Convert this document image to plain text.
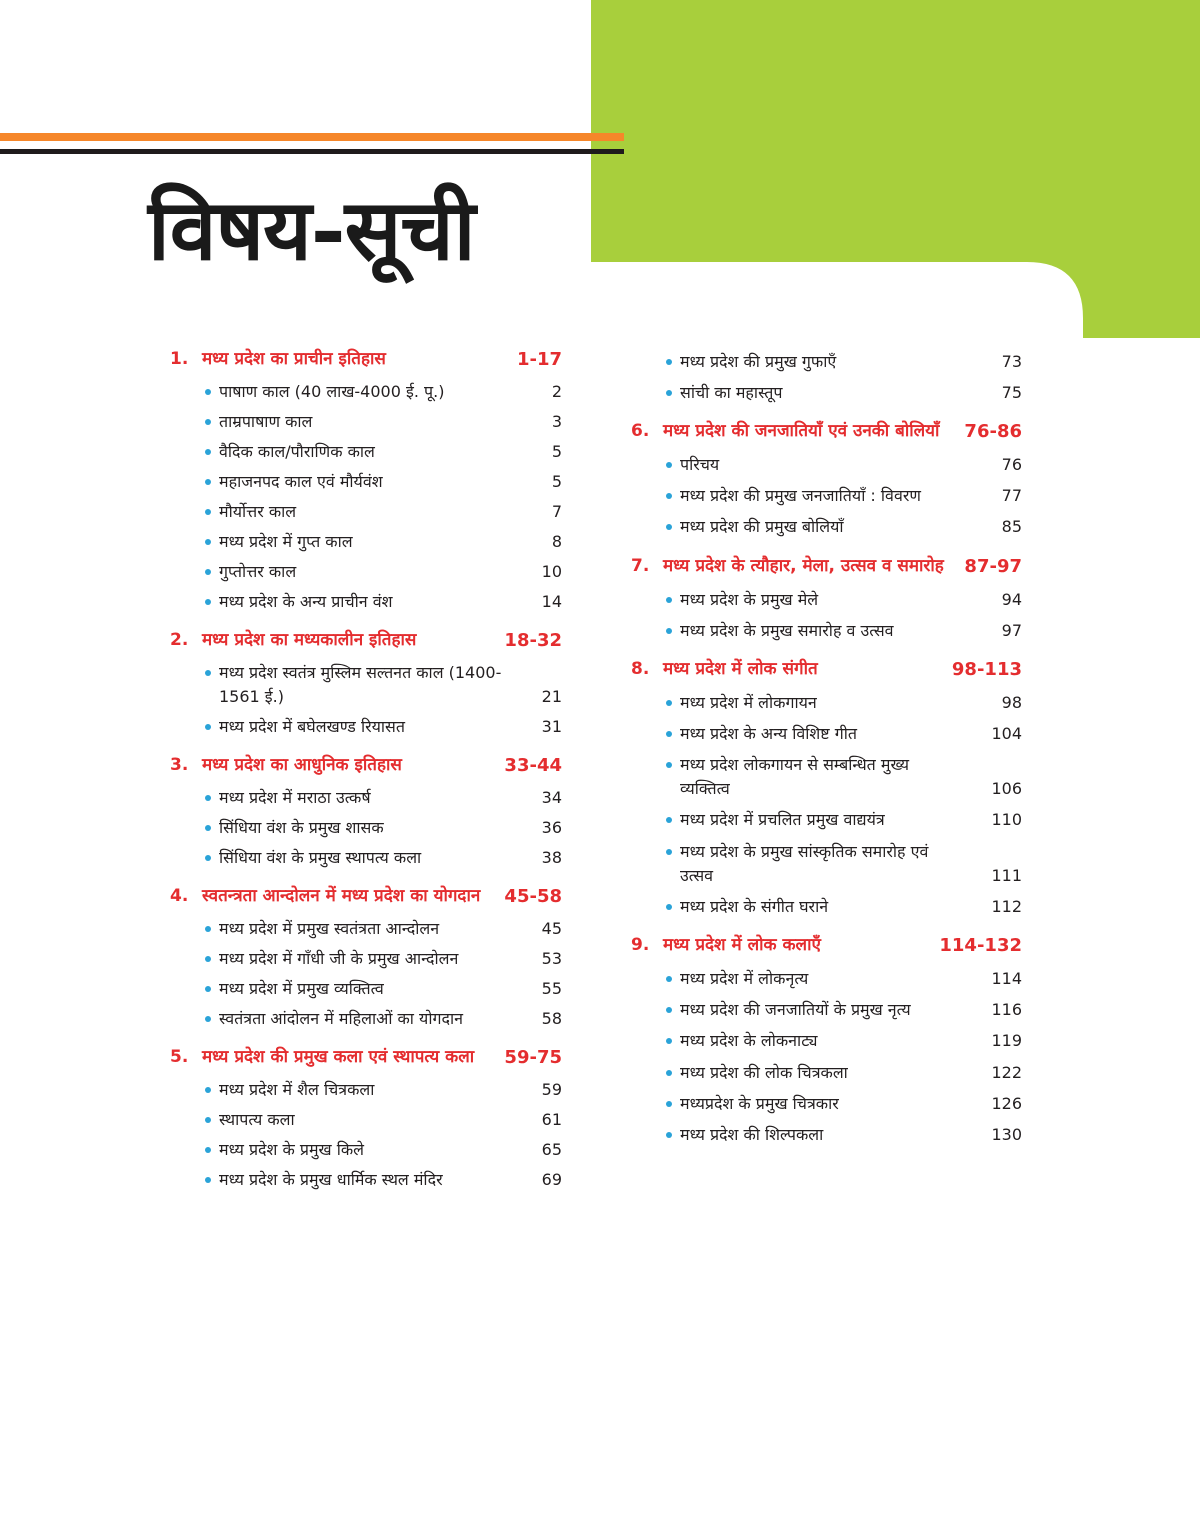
विषय-सूची
1. मध्य प्रदेश का प्राचीन इतिहास	1-17
पाषाण काल (40 लाख-4000 ई. पू.)	2
ताम्रपाषाण काल	3
वैदिक काल/पौराणिक काल	5
महाजनपद काल एवं मौर्यवंश	5
मौर्योत्तर काल	7
मध्य प्रदेश में गुप्त काल	8
गुप्तोत्तर काल	10
मध्य प्रदेश के अन्य प्राचीन वंश	14
2. मध्य प्रदेश का मध्यकालीन इतिहास	18-32
मध्य प्रदेश स्वतंत्र मुस्लिम सल्तनत काल (1400-1561 ई.)	21
मध्य प्रदेश में बघेलखण्ड रियासत	31
3. मध्य प्रदेश का आधुनिक इतिहास	33-44
मध्य प्रदेश में मराठा उत्कर्ष	34
सिंधिया वंश के प्रमुख शासक	36
सिंधिया वंश के प्रमुख स्थापत्य कला	38
4. स्वतन्त्रता आन्दोलन में मध्य प्रदेश का योगदान	45-58
मध्य प्रदेश में प्रमुख स्वतंत्रता आन्दोलन	45
मध्य प्रदेश में गाँधी जी के प्रमुख आन्दोलन	53
मध्य प्रदेश में प्रमुख व्यक्तित्व	55
स्वतंत्रता आंदोलन में महिलाओं का योगदान	58
5. मध्य प्रदेश की प्रमुख कला एवं स्थापत्य कला	59-75
मध्य प्रदेश में शैल चित्रकला	59
स्थापत्य कला	61
मध्य प्रदेश के प्रमुख किले	65
मध्य प्रदेश के प्रमुख धार्मिक स्थल मंदिर	69
मध्य प्रदेश की प्रमुख गुफाएँ	73
सांची का महास्तूप	75
6. मध्य प्रदेश की जनजातियाँ एवं उनकी बोलियाँ	76-86
परिचय	76
मध्य प्रदेश की प्रमुख जनजातियाँ : विवरण	77
मध्य प्रदेश की प्रमुख बोलियाँ	85
7. मध्य प्रदेश के त्यौहार, मेला, उत्सव व समारोह	87-97
मध्य प्रदेश के प्रमुख मेले	94
मध्य प्रदेश के प्रमुख समारोह व उत्सव	97
8. मध्य प्रदेश में लोक संगीत	98-113
मध्य प्रदेश में लोकगायन	98
मध्य प्रदेश के अन्य विशिष्ट गीत	104
मध्य प्रदेश लोकगायन से सम्बन्धित मुख्य व्यक्तित्व	106
मध्य प्रदेश में प्रचलित प्रमुख वाद्ययंत्र	110
मध्य प्रदेश के प्रमुख सांस्कृतिक समारोह एवं उत्सव	111
मध्य प्रदेश के संगीत घराने	112
9. मध्य प्रदेश में लोक कलाएँ	114-132
मध्य प्रदेश में लोकनृत्य	114
मध्य प्रदेश की जनजातियों के प्रमुख नृत्य	116
मध्य प्रदेश के लोकनाट्य	119
मध्य प्रदेश की लोक चित्रकला	122
मध्यप्रदेश के प्रमुख चित्रकार	126
मध्य प्रदेश की शिल्पकला	130
